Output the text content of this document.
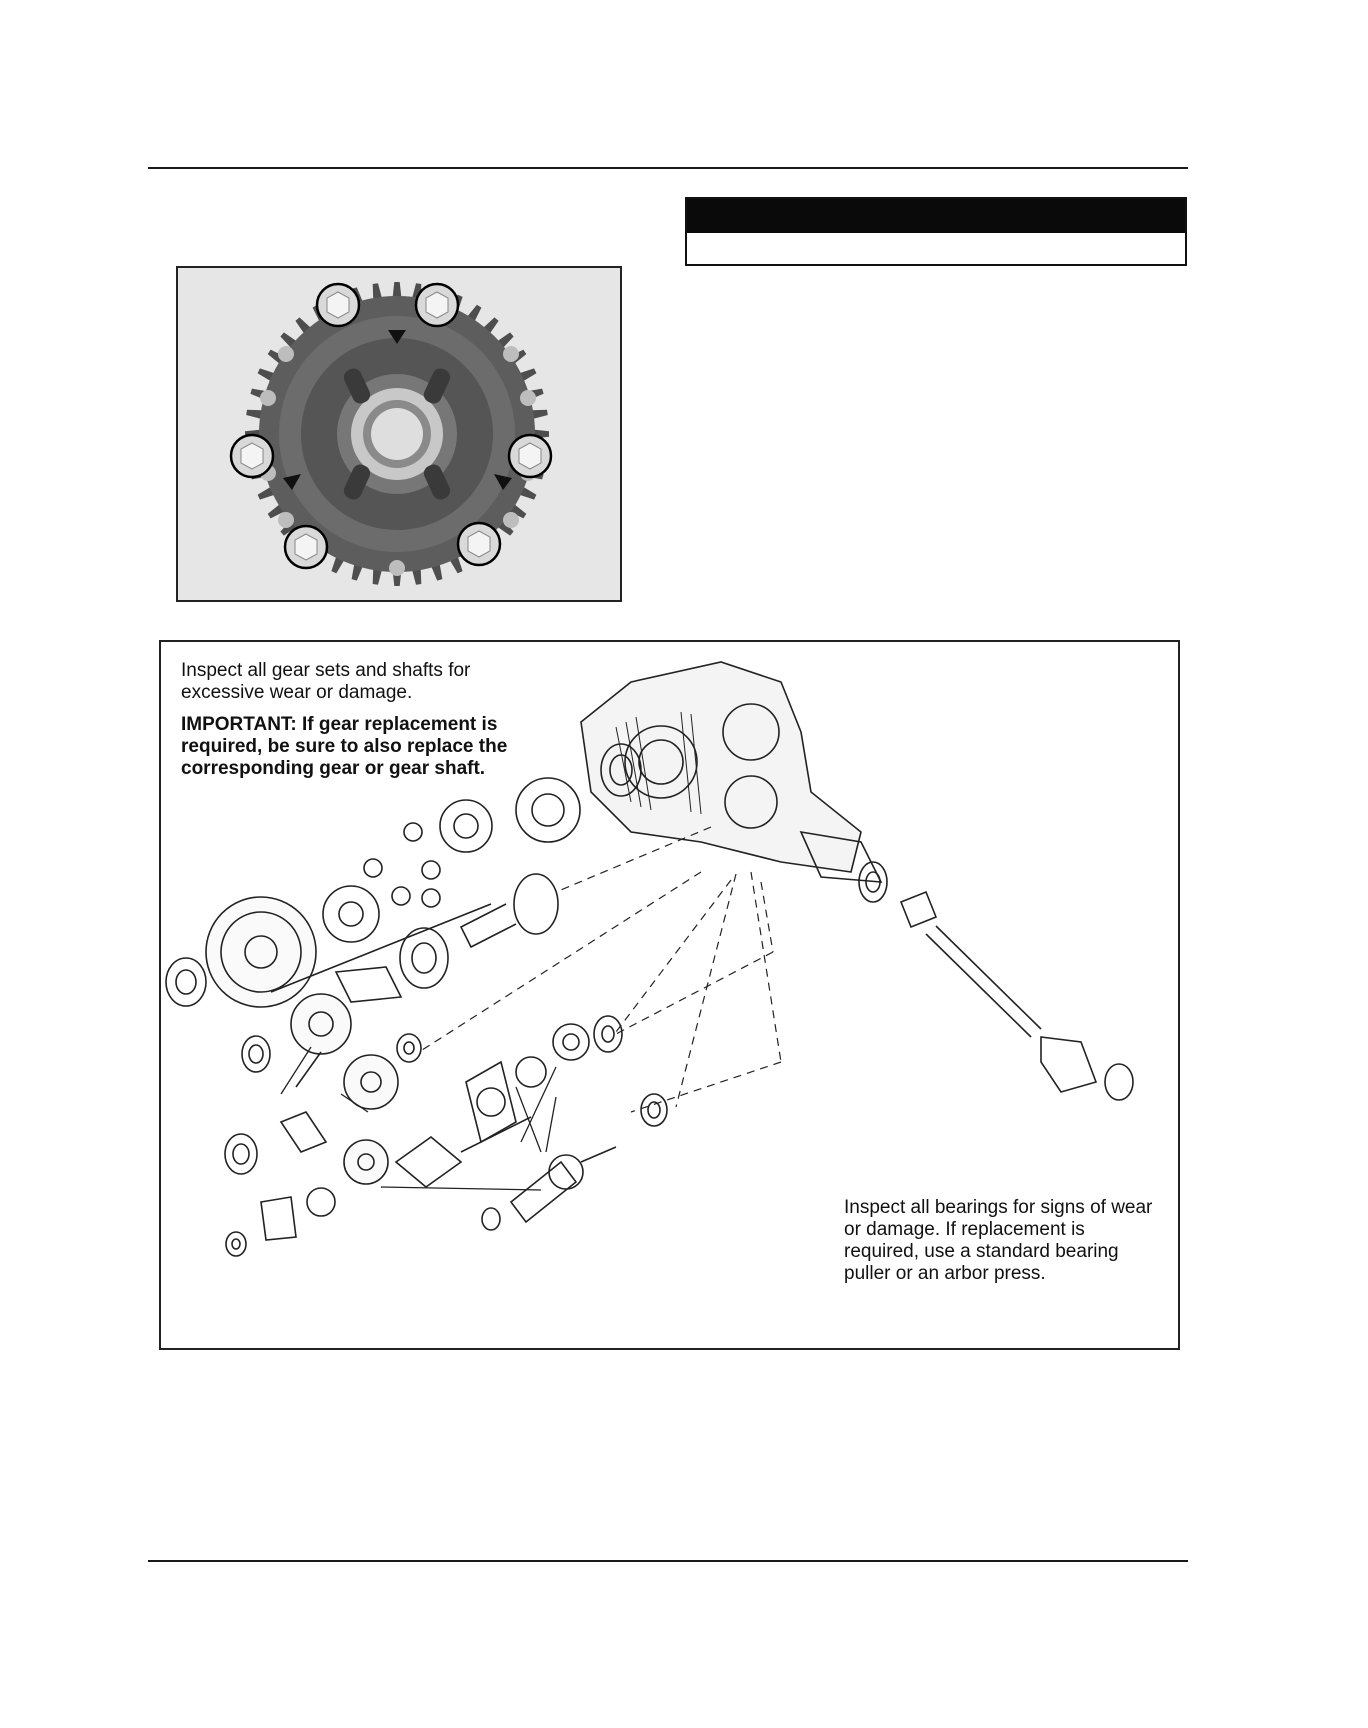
Inspect all gear sets and shafts for excessive wear or damage.
IMPORTANT: If gear replacement is required, be sure to also replace the corresponding gear or gear shaft.
Inspect all bearings for signs of wear or damage. If replacement is required, use a standard bearing puller or an arbor press.
